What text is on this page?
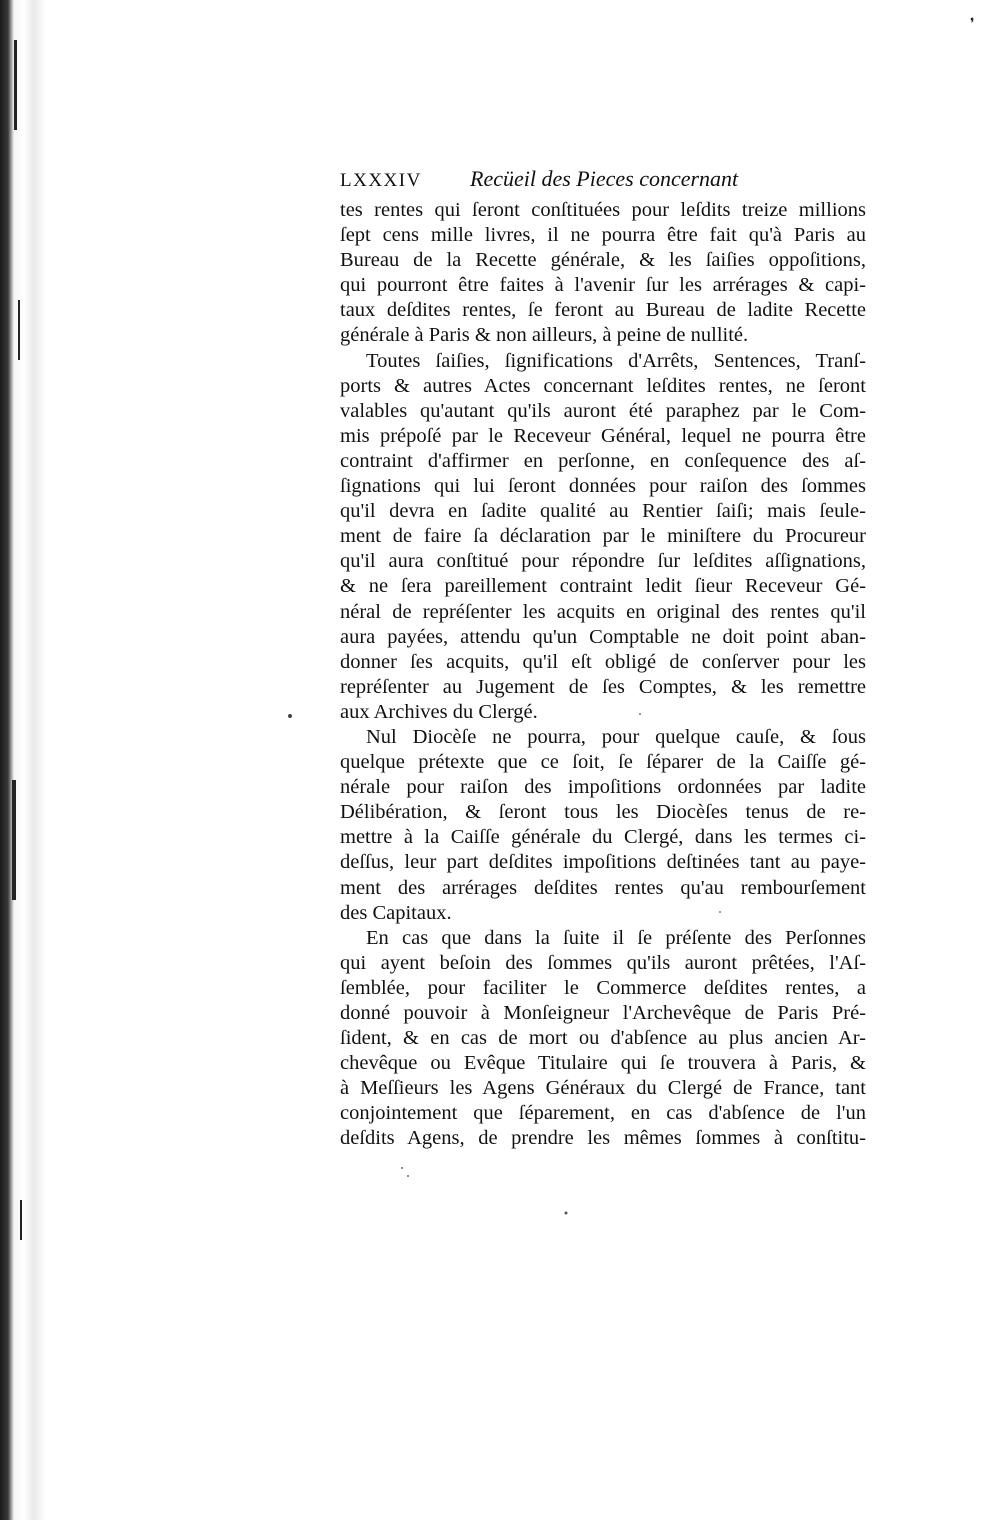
❜
LXXXIV	Recüeil des Pieces concernant
tes rentes qui ſeront conſtituées pour leſdits treize millions
ſept cens mille livres, il ne pourra être fait qu'à Paris au
Bureau de la Recette générale, & les ſaiſies oppoſitions,
qui pourront être faites à l'avenir ſur les arrérages & capi-
taux deſdites rentes, ſe feront au Bureau de ladite Recette
générale à Paris & non ailleurs, à peine de nullité.
Toutes ſaiſies, ſignifications d'Arrêts, Sentences, Tranſ-
ports & autres Actes concernant leſdites rentes, ne ſeront
valables qu'autant qu'ils auront été paraphez par le Com-
mis prépoſé par le Receveur Général, lequel ne pourra être
contraint d'affirmer en perſonne, en conſequence des aſ-
ſignations qui lui ſeront données pour raiſon des ſommes
qu'il devra en ſadite qualité au Rentier ſaiſi; mais ſeule-
ment de faire ſa déclaration par le miniſtere du Procureur
qu'il aura conſtitué pour répondre ſur leſdites aſſignations,
& ne ſera pareillement contraint ledit ſieur Receveur Gé-
néral de repréſenter les acquits en original des rentes qu'il
aura payées, attendu qu'un Comptable ne doit point aban-
donner ſes acquits, qu'il eſt obligé de conſerver pour les
repréſenter au Jugement de ſes Comptes, & les remettre
aux Archives du Clergé.
Nul Diocèſe ne pourra, pour quelque cauſe, & ſous
quelque prétexte que ce ſoit, ſe ſéparer de la Caiſſe gé-
nérale pour raiſon des impoſitions ordonnées par ladite
Délibération, & ſeront tous les Diocèſes tenus de re-
mettre à la Caiſſe générale du Clergé, dans les termes ci-
deſſus, leur part deſdites impoſitions deſtinées tant au paye-
ment des arrérages deſdites rentes qu'au rembourſement
des Capitaux.
En cas que dans la ſuite il ſe préſente des Perſonnes
qui ayent beſoin des ſommes qu'ils auront prêtées, l'Aſ-
ſemblée, pour faciliter le Commerce deſdites rentes, a
donné pouvoir à Monſeigneur l'Archevêque de Paris Pré-
ſident, & en cas de mort ou d'abſence au plus ancien Ar-
chevêque ou Evêque Titulaire qui ſe trouvera à Paris, &
à Meſſieurs les Agens Généraux du Clergé de France, tant
conjointement que ſéparement, en cas d'abſence de l'un
deſdits Agens, de prendre les mêmes ſommes à conſtitu-
